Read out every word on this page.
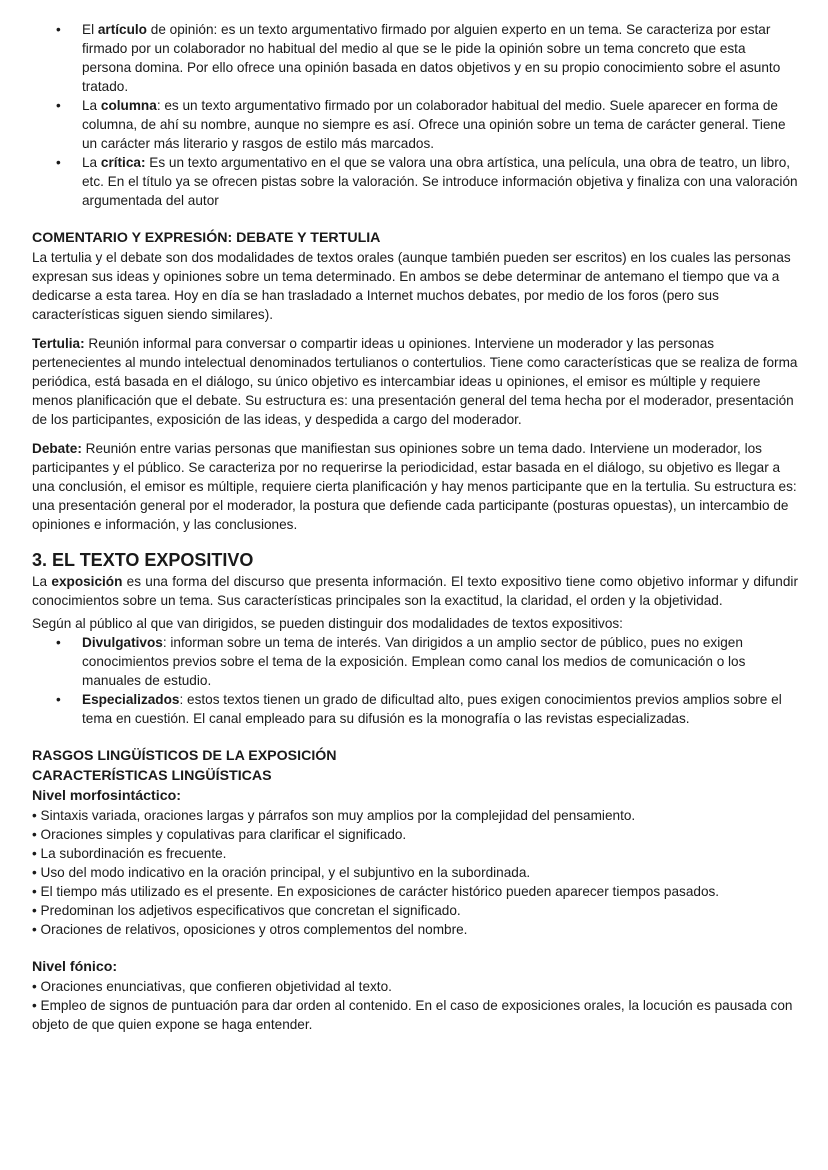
• El artículo de opinión: es un texto argumentativo firmado por alguien experto en un tema. Se caracteriza por estar firmado por un colaborador no habitual del medio al que se le pide la opinión sobre un tema concreto que esta persona domina. Por ello ofrece una opinión basada en datos objetivos y en su propio conocimiento sobre el asunto tratado.
• La columna: es un texto argumentativo firmado por un colaborador habitual del medio. Suele aparecer en forma de columna, de ahí su nombre, aunque no siempre es así. Ofrece una opinión sobre un tema de carácter general. Tiene un carácter más literario y rasgos de estilo más marcados.
• La crítica: Es un texto argumentativo en el que se valora una obra artística, una película, una obra de teatro, un libro, etc. En el título ya se ofrecen pistas sobre la valoración. Se introduce información objetiva y finaliza con una valoración argumentada del autor
COMENTARIO Y EXPRESIÓN: DEBATE Y TERTULIA

La tertulia y el debate son dos modalidades de textos orales (aunque también pueden ser escritos) en los cuales las personas expresan sus ideas y opiniones sobre un tema determinado. En ambos se debe determinar de antemano el tiempo que va a dedicarse a esta tarea. Hoy en día se han trasladado a Internet muchos debates, por medio de los foros (pero sus características siguen siendo similares).

Tertulia: Reunión informal para conversar o compartir ideas u opiniones. Interviene un moderador y las personas pertenecientes al mundo intelectual denominados tertulianos o contertulios. Tiene como características que se realiza de forma periódica, está basada en el diálogo, su único objetivo es intercambiar ideas u opiniones, el emisor es múltiple y requiere menos planificación que el debate. Su estructura es: una presentación general del tema hecha por el moderador, presentación de los participantes, exposición de las ideas, y despedida a cargo del moderador.

Debate: Reunión entre varias personas que manifiestan sus opiniones sobre un tema dado. Interviene un moderador, los participantes y el público. Se caracteriza por no requerirse la periodicidad, estar basada en el diálogo, su objetivo es llegar a una conclusión, el emisor es múltiple, requiere cierta planificación y hay menos participante que en la tertulia. Su estructura es: una presentación general por el moderador, la postura que defiende cada participante (posturas opuestas), un intercambio de opiniones e información, y las conclusiones.

3. EL TEXTO EXPOSITIVO

La exposición es una forma del discurso que presenta información. El texto expositivo tiene como objetivo informar y difundir conocimientos sobre un tema. Sus características principales son la exactitud, la claridad, el orden y la objetividad.

Según al público al que van dirigidos, se pueden distinguir dos modalidades de textos expositivos:

• Divulgativos: informan sobre un tema de interés. Van dirigidos a un amplio sector de público, pues no exigen conocimientos previos sobre el tema de la exposición. Emplean como canal los medios de comunicación o los manuales de estudio.
• Especializados: estos textos tienen un grado de dificultad alto, pues exigen conocimientos previos amplios sobre el tema en cuestión. El canal empleado para su difusión es la monografía o las revistas especializadas.
RASGOS LINGÜÍSTICOS DE LA EXPOSICIÓN
CARACTERÍSTICAS LINGÜÍSTICAS
Nivel morfosintáctico:

• Sintaxis variada, oraciones largas y párrafos son muy amplios por la complejidad del pensamiento.

• Oraciones simples y copulativas para clarificar el significado.

• La subordinación es frecuente.

• Uso del modo indicativo en la oración principal, y el subjuntivo en la subordinada.

• El tiempo más utilizado es el presente. En exposiciones de carácter histórico pueden aparecer tiempos pasados.

• Predominan los adjetivos especificativos que concretan el significado.

• Oraciones de relativos, oposiciones y otros complementos del nombre.

Nivel fónico:

• Oraciones enunciativas, que confieren objetividad al texto.

• Empleo de signos de puntuación para dar orden al contenido. En el caso de exposiciones orales, la locución es pausada con objeto de que quien expone se haga entender.
